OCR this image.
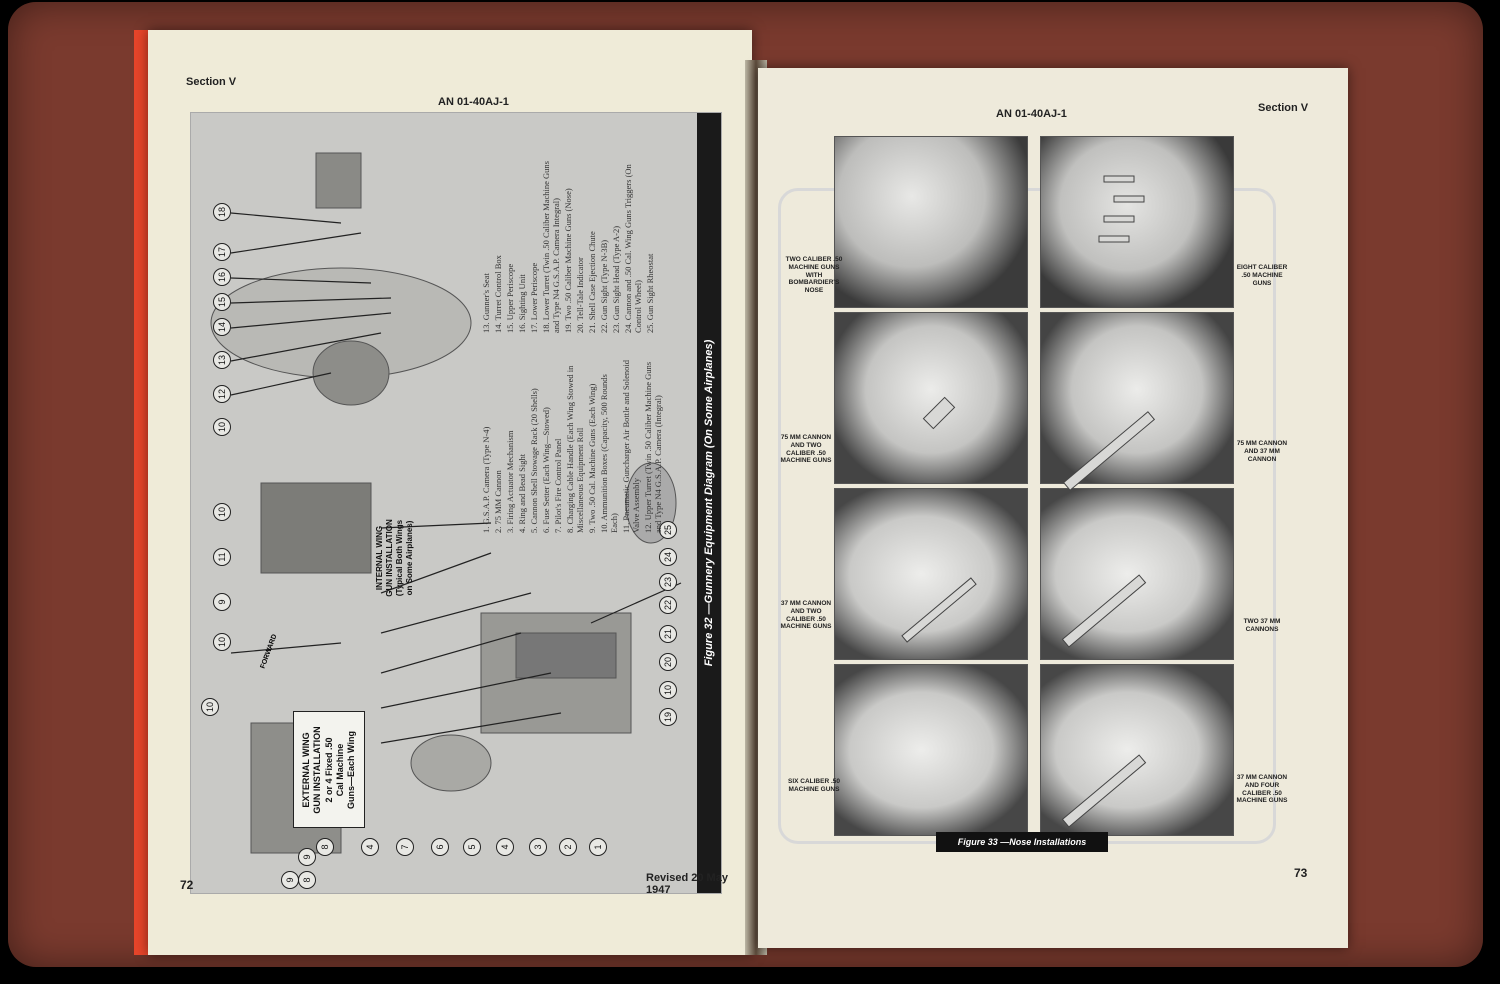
Section V
AN 01-40AJ-1
18
17
16
15
14
13
12
10
10
11
9
10
10
8
9
8
9
4	7	6	5	4	3	2	1
25
24
23
22
21
20
10
19
1. G.S.A.P. Camera (Type N-4) 2. 75 MM Cannon 3. Firing Actuator Mechanism 4. Ring and Bead Sight 5. Cannon Shell Stowage Rack (20 Shells) 6. Fuse Setter (Each Wing—Stowed) 7. Pilot's Fire Control Panel 8. Charging Cable Handle (Each Wing Stowed in Miscellaneous Equipment Roll 9. Two .50 Cal. Machine Guns (Each Wing) 10. Ammunition Boxes (Capacity, 500 Rounds Each) 11. Pneumatic Guncharger Air Bottle and Solenoid Valve Assembly 12. Upper Turret (Twin .50 Caliber Machine Guns and Type N4 G.S.A.P. Camera (Integral)
13. Gunner's Seat 14. Turret Control Box 15. Upper Periscope 16. Sighting Unit 17. Lower Periscope 18. Lower Turret (Twin .50 Caliber Machine Guns and Type N4 G.S.A.P. Camera Integral) 19. Two .50 Caliber Machine Guns (Nose) 20. Tell-Tale Indicator 21. Shell Case Ejection Chute 22. Gun Sight (Type N-3B) 23. Gun Sight Head (Type A-2) 24. Cannon and .50 Cal. Wing Guns Triggers (On Control Wheel) 25. Gun Sight Rheostat
EXTERNAL WING GUN INSTALLATION 2 or 4 Fixed .50 Cal Machine Guns—Each Wing
INTERNAL WING GUN INSTALLATION (Typical Both Wings on Some Airplanes)
FORWARD	Figure 32 —Gunnery Equipment Diagram (On Some Airplanes)
72	Revised 20 May 1947
AN 01-40AJ-1	Section V
TWO CALIBER .50 MACHINE GUNS WITH BOMBARDIER'S NOSE
75 MM CANNON AND TWO CALIBER .50 MACHINE GUNS
37 MM CANNON AND TWO CALIBER .50 MACHINE GUNS
SIX CALIBER .50 MACHINE GUNS
EIGHT CALIBER .50 MACHINE GUNS
75 MM CANNON AND 37 MM CANNON
TWO 37 MM CANNONS
37 MM CANNON AND FOUR CALIBER .50 MACHINE GUNS
Figure 33 —Nose Installations
73
